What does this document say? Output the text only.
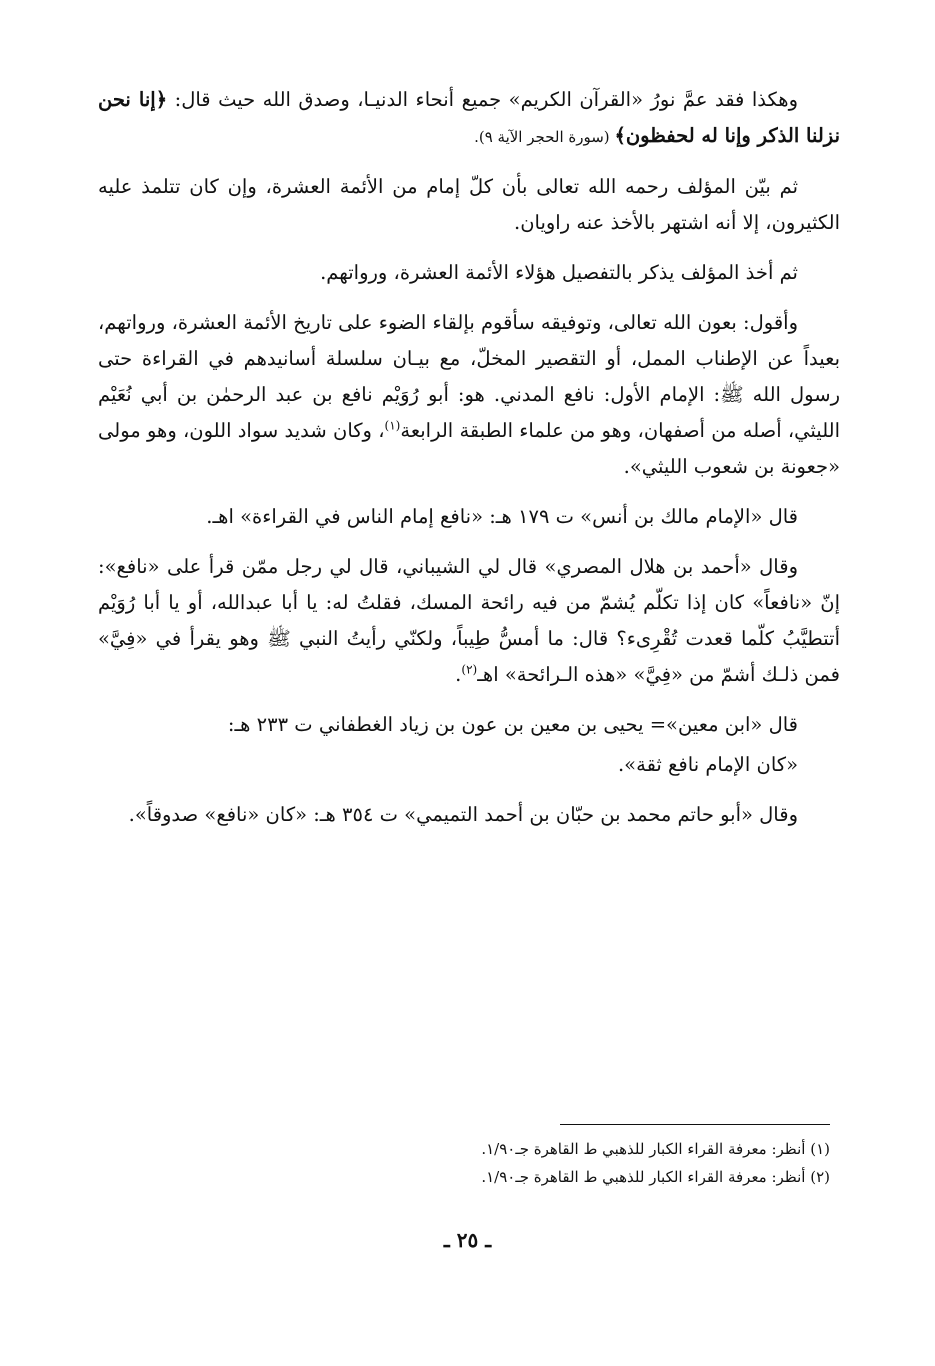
وهكذا فقد عمَّ نورُ «القرآن الكريم» جميع أنحاء الدنيـا، وصدق الله حيث قال: ﴿إنا نحن نزلنا الذكر وإنا له لحفظون﴾ (سورة الحجر الآية ٩).

ثم بيّن المؤلف رحمه الله تعالى بأن كلّ إمام من الأئمة العشرة، وإن كان تتلمذ عليه الكثيرون، إلا أنه اشتهر بالأخذ عنه راويان.

ثم أخذ المؤلف يذكر بالتفصيل هؤلاء الأئمة العشرة، ورواتهم.

وأقول: بعون الله تعالى، وتوفيقه سأقوم بإلقاء الضوء على تاريخ الأئمة العشرة، ورواتهم، بعيداً عن الإطناب الممل، أو التقصير المخلّ، مع بيـان سلسلة أسانيدهم في القراءة حتى رسول الله ﷺ: الإمام الأول: نافع المدني. هو: أبو رُوَيْم نافع بن عبد الرحمٰن بن أبي نُعَيْم الليثي، أصله من أصفهان، وهو من علماء الطبقة الرابعة$^{(١)}$، وكان شديد سواد اللون، وهو مولى «جعونة بن شعوب الليثي».

قال «الإمام مالك بن أنس» ت ١٧٩ هـ: «نافع إمام الناس في القراءة» اهـ.

وقال «أحمد بن هلال المصري» قال لي الشيباني، قال لي رجل ممّن قرأ على «نافع»: إنّ «نافعاً» كان إذا تكلّم يُشمّ من فيه رائحة المسك، فقلتُ له: يا أبا عبدالله، أو يا أبا رُوَيْم أتتطيَّبُ كلّما قعدت تُقْرِىء؟ قال: ما أمسُّ طِيباً، ولكنّي رأيتُ النبي ﷺ وهو يقرأ في «فِيَّ» فمن ذلـك أشمّ من «فِيَّ» «هذه الـرائحة» اهـ$^{(٢)}$.

قال «ابن معين»= يحيى بن معين بن عون بن زياد الغطفاني ت ٢٣٣ هـ:

«كان الإمام نافع ثقة».

وقال «أبو حاتم محمد بن حبّان بن أحمد التميمي» ت ٣٥٤ هـ: «كان «نافع» صدوقاً».

(١) أنظر: معرفة القراء الكبار للذهبي ط القاهرة جـ١/٩٠.

(٢) أنظر: معرفة القراء الكبار للذهبي ط القاهرة جـ١/٩٠.

ـ ٢٥ ـ
